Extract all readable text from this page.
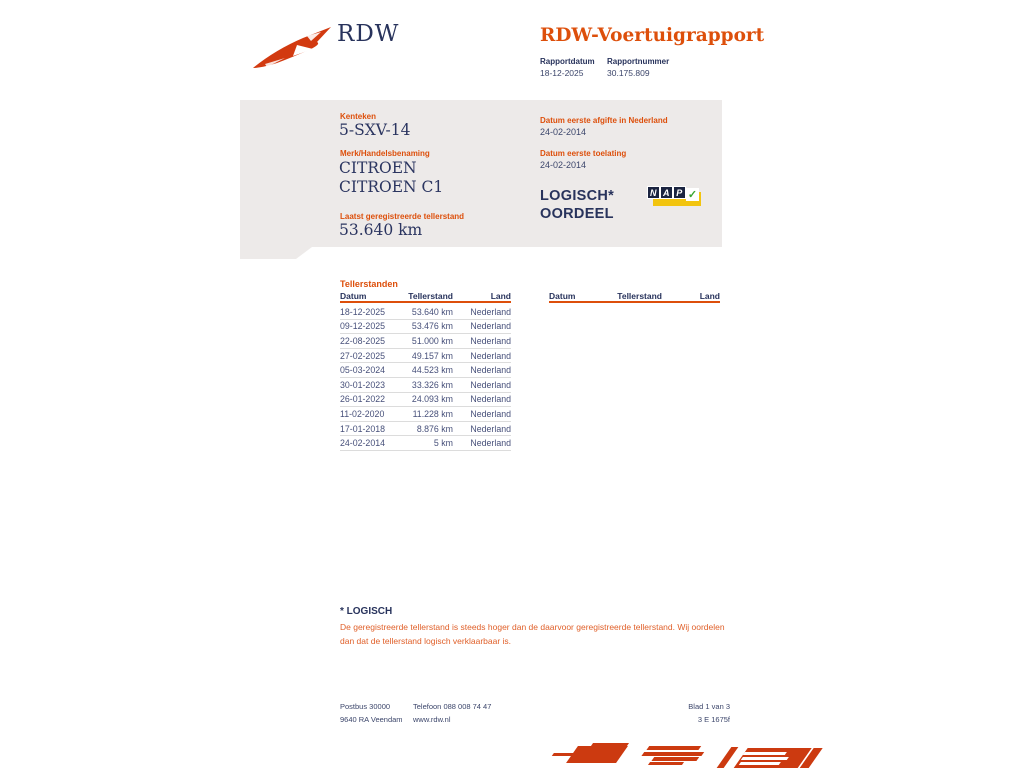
RDW	RDW-Voertuigrapport
Rapportdatum Rapportnummer
18-12-2025	30.175.809
Kenteken
5-SXV-14
Merk/Handelsbenaming
CITROEN CITROEN C1
Laatst geregistreerde tellerstand
53.640 km
Datum eerste afgifte in Nederland
24-02-2014
Datum eerste toelating
24-02-2014
LOGISCH*
OORDEEL
N A P ✓
Tellerstanden
Datum	Tellerstand	Land
18-12-2025	53.640 km	Nederland
09-12-2025	53.476 km	Nederland
22-08-2025	51.000 km	Nederland
27-02-2025	49.157 km	Nederland
05-03-2024	44.523 km	Nederland
30-01-2023	33.326 km	Nederland
26-01-2022	24.093 km	Nederland
11-02-2020	11.228 km	Nederland
17-01-2018	8.876 km	Nederland
24-02-2014	5 km	Nederland
Datum	Tellerstand	Land
* LOGISCH
De geregistreerde tellerstand is steeds hoger dan de daarvoor geregistreerde tellerstand. Wij oordelen dan dat de tellerstand logisch verklaarbaar is.
Postbus 30000
9640 RA Veendam
Telefoon 088 008 74 47
www.rdw.nl
Blad 1 van 3
3 E 1675f
